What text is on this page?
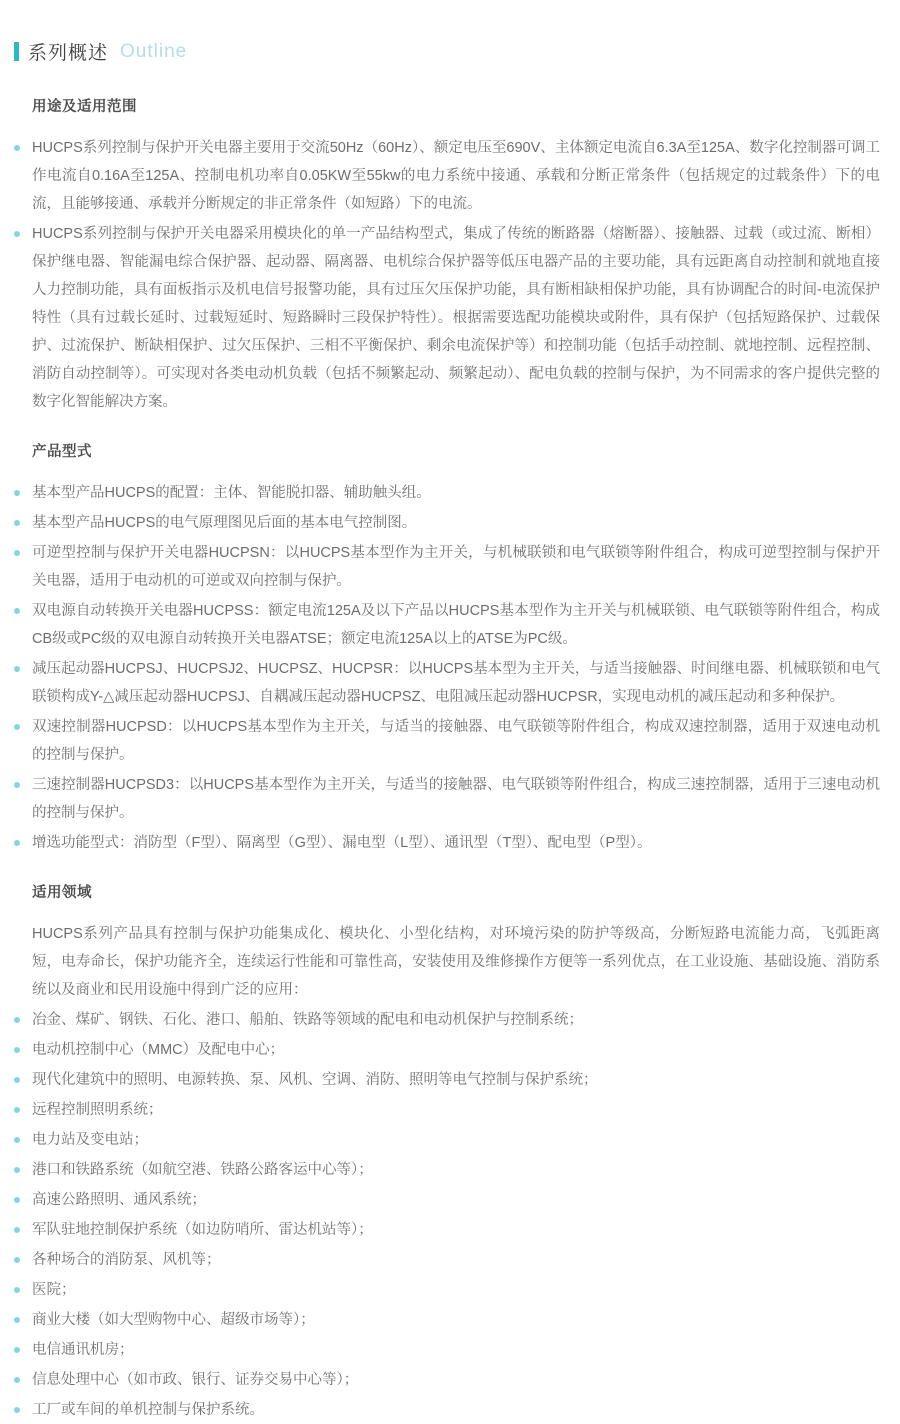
系列概述 Outline
用途及适用范围
HUCPS系列控制与保护开关电器主要用于交流50Hz（60Hz）、额定电压至690V、主体额定电流自6.3A至125A、数字化控制器可调工作电流自0.16A至125A、控制电机功率自0.05KW至55kw的电力系统中接通、承载和分断正常条件（包括规定的过载条件）下的电流，且能够接通、承载并分断规定的非正常条件（如短路）下的电流。
HUCPS系列控制与保护开关电器采用模块化的单一产品结构型式，集成了传统的断路器（熔断器）、接触器、过载（或过流、断相）保护继电器、智能漏电综合保护器、起动器、隔离器、电机综合保护器等低压电器产品的主要功能，具有远距离自动控制和就地直接人力控制功能，具有面板指示及机电信号报警功能，具有过压欠压保护功能，具有断相缺相保护功能，具有协调配合的时间-电流保护特性（具有过载长延时、过载短延时、短路瞬时三段保护特性）。根据需要选配功能模块或附件，具有保护（包括短路保护、过载保护、过流保护、断缺相保护、过欠压保护、三相不平衡保护、剩余电流保护等）和控制功能（包括手动控制、就地控制、远程控制、消防自动控制等）。可实现对各类电动机负载（包括不频繁起动、频繁起动）、配电负载的控制与保护，为不同需求的客户提供完整的数字化智能解决方案。
产品型式
基本型产品HUCPS的配置：主体、智能脱扣器、辅助触头组。
基本型产品HUCPS的电气原理图见后面的基本电气控制图。
可逆型控制与保护开关电器HUCPSN：以HUCPS基本型作为主开关，与机械联锁和电气联锁等附件组合，构成可逆型控制与保护开关电器，适用于电动机的可逆或双向控制与保护。
双电源自动转换开关电器HUCPSS：额定电流125A及以下产品以HUCPS基本型作为主开关与机械联锁、电气联锁等附件组合，构成CB级或PC级的双电源自动转换开关电器ATSE；额定电流125A以上的ATSE为PC级。
减压起动器HUCPSJ、HUCPSJ2、HUCPSZ、HUCPSR：以HUCPS基本型为主开关，与适当接触器、时间继电器、机械联锁和电气联锁构成Y-△减压起动器HUCPSJ、自耦减压起动器HUCPSZ、电阻减压起动器HUCPSR，实现电动机的减压起动和多种保护。
双速控制器HUCPSD：以HUCPS基本型作为主开关，与适当的接触器、电气联锁等附件组合，构成双速控制器，适用于双速电动机的控制与保护。
三速控制器HUCPSD3：以HUCPS基本型作为主开关，与适当的接触器、电气联锁等附件组合，构成三速控制器，适用于三速电动机的控制与保护。
增选功能型式：消防型（F型）、隔离型（G型）、漏电型（L型）、通讯型（T型）、配电型（P型）。
适用领域

HUCPS系列产品具有控制与保护功能集成化、模块化、小型化结构，对环境污染的防护等级高，分断短路电流能力高，飞弧距离短，电寿命长，保护功能齐全，连续运行性能和可靠性高，安装使用及维修操作方便等一系列优点，在工业设施、基础设施、消防系统以及商业和民用设施中得到广泛的应用：

冶金、煤矿、钢铁、石化、港口、船舶、铁路等领域的配电和电动机保护与控制系统；
电动机控制中心（MMC）及配电中心；
现代化建筑中的照明、电源转换、泵、风机、空调、消防、照明等电气控制与保护系统；
远程控制照明系统；
电力站及变电站；
港口和铁路系统（如航空港、铁路公路客运中心等）；
高速公路照明、通风系统；
军队驻地控制保护系统（如边防哨所、雷达机站等）；
各种场合的消防泵、风机等；
医院；
商业大楼（如大型购物中心、超级市场等）；
电信通讯机房；
信息处理中心（如市政、银行、证券交易中心等）；
工厂或车间的单机控制与保护系统。
